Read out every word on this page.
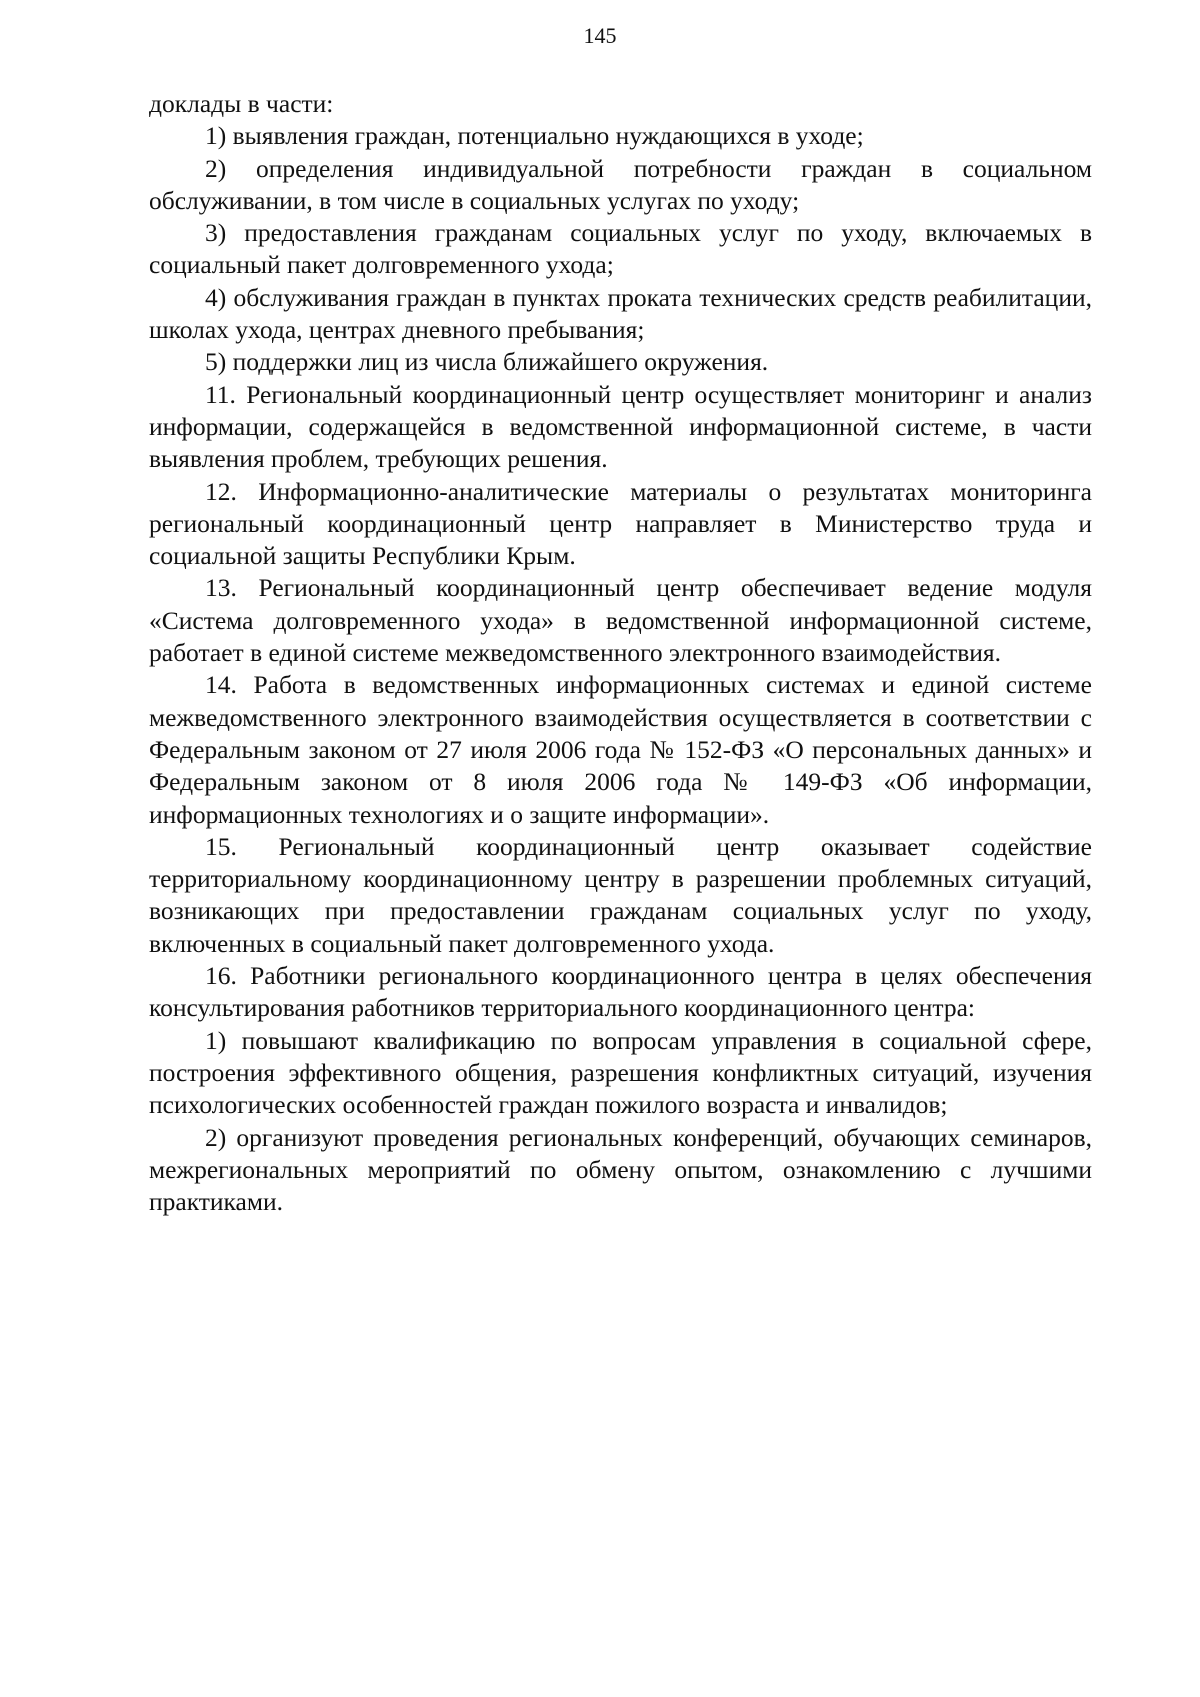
145

доклады в части:

1) выявления граждан, потенциально нуждающихся в уходе;

2) определения индивидуальной потребности граждан в социальном обслуживании, в том числе в социальных услугах по уходу;

3) предоставления гражданам социальных услуг по уходу, включаемых в социальный пакет долговременного ухода;

4) обслуживания граждан в пунктах проката технических средств реабилитации, школах ухода, центрах дневного пребывания;

5) поддержки лиц из числа ближайшего окружения.

11. Региональный координационный центр осуществляет мониторинг и анализ информации, содержащейся в ведомственной информационной системе, в части выявления проблем, требующих решения.

12. Информационно-аналитические материалы о результатах мониторинга региональный координационный центр направляет в Министерство труда и социальной защиты Республики Крым.

13. Региональный координационный центр обеспечивает ведение модуля «Система долговременного ухода» в ведомственной информационной системе, работает в единой системе межведомственного электронного взаимодействия.

14. Работа в ведомственных информационных системах и единой системе межведомственного электронного взаимодействия осуществляется в соответствии с Федеральным законом от 27 июля 2006 года № 152-ФЗ «О персональных данных» и Федеральным законом от 8 июля 2006 года № 149-ФЗ «Об информации, информационных технологиях и о защите информации».

15. Региональный координационный центр оказывает содействие территориальному координационному центру в разрешении проблемных ситуаций, возникающих при предоставлении гражданам социальных услуг по уходу, включенных в социальный пакет долговременного ухода.

16. Работники регионального координационного центра в целях обеспечения консультирования работников территориального координационного центра:

1) повышают квалификацию по вопросам управления в социальной сфере, построения эффективного общения, разрешения конфликтных ситуаций, изучения психологических особенностей граждан пожилого возраста и инвалидов;

2) организуют проведения региональных конференций, обучающих семинаров, межрегиональных мероприятий по обмену опытом, ознакомлению с лучшими практиками.
